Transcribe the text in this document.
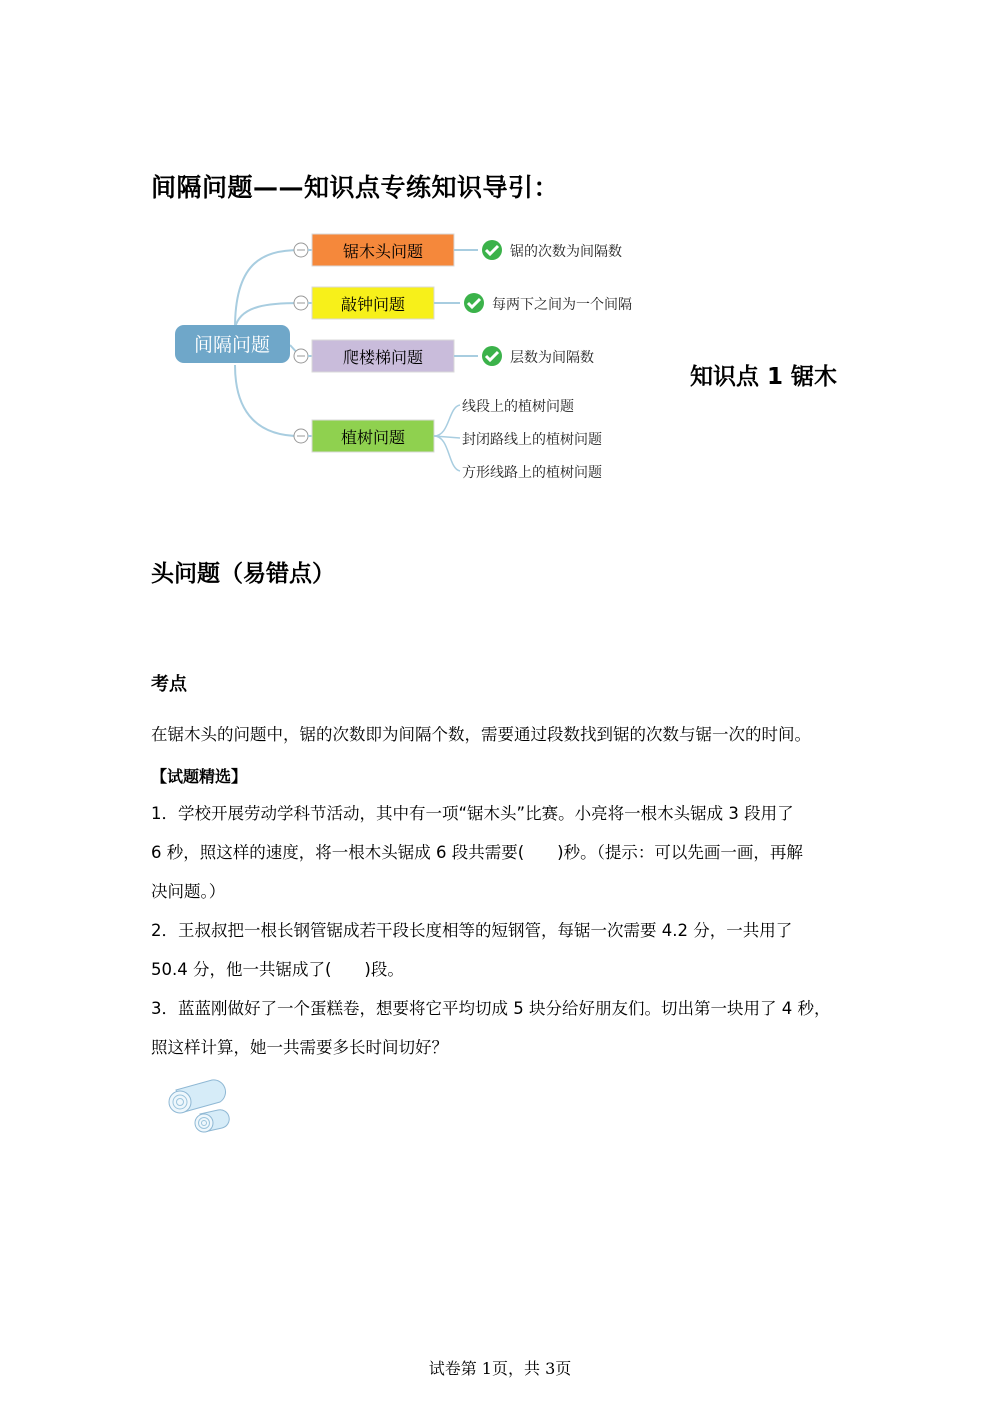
间隔问题——知识点专练知识导引：
间隔问题
锯木头问题	锯的次数为间隔数
敲钟问题	每两下之间为一个间隔
爬楼梯问题	层数为间隔数
植树问题
线段上的植树问题
封闭路线上的植树问题
方形线路上的植树问题
知识点 1 锯木
头问题（易错点）
考点
在锯木头的问题中，锯的次数即为间隔个数，需要通过段数找到锯的次数与锯一次的时间。
【试题精选】
1．学校开展劳动学科节活动，其中有一项“锯木头”比赛。小亮将一根木头锯成 3 段用了
6 秒，照这样的速度，将一根木头锯成 6 段共需要(　　)秒。（提示：可以先画一画，再解
决问题。）
2．王叔叔把一根长钢管锯成若干段长度相等的短钢管，每锯一次需要 4.2 分，一共用了
50.4 分，他一共锯成了(　　)段。
3．蓝蓝刚做好了一个蛋糕卷，想要将它平均切成 5 块分给好朋友们。切出第一块用了 4 秒，
照这样计算，她一共需要多长时间切好？
试卷第 1页，共 3页
